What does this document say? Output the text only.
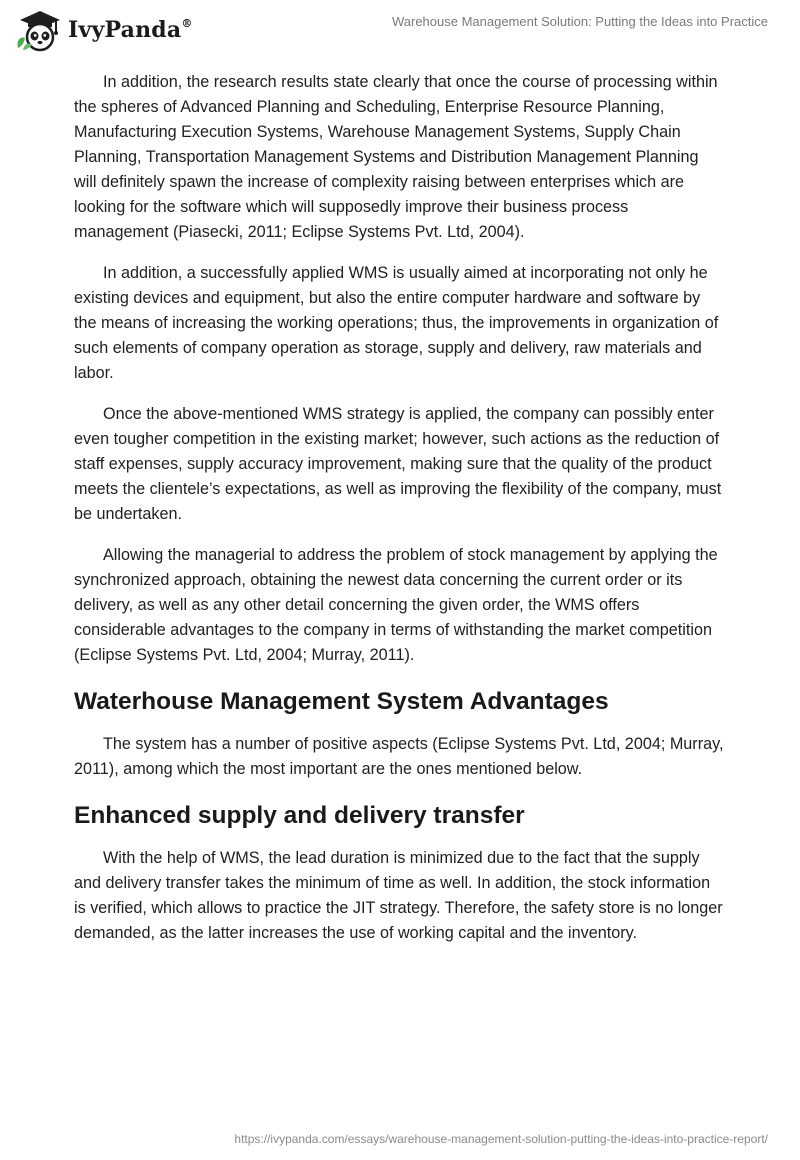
IvyPanda®	Warehouse Management Solution: Putting the Ideas into Practice

In addition, the research results state clearly that once the course of processing within the spheres of Advanced Planning and Scheduling, Enterprise Resource Planning, Manufacturing Execution Systems, Warehouse Management Systems, Supply Chain Planning, Transportation Management Systems and Distribution Management Planning will definitely spawn the increase of complexity raising between enterprises which are looking for the software which will supposedly improve their business process management (Piasecki, 2011; Eclipse Systems Pvt. Ltd, 2004).

In addition, a successfully applied WMS is usually aimed at incorporating not only he existing devices and equipment, but also the entire computer hardware and software by the means of increasing the working operations; thus, the improvements in organization of such elements of company operation as storage, supply and delivery, raw materials and labor.

Once the above-mentioned WMS strategy is applied, the company can possibly enter even tougher competition in the existing market; however, such actions as the reduction of staff expenses, supply accuracy improvement, making sure that the quality of the product meets the clientele’s expectations, as well as improving the flexibility of the company, must be undertaken.

Allowing the managerial to address the problem of stock management by applying the synchronized approach, obtaining the newest data concerning the current order or its delivery, as well as any other detail concerning the given order, the WMS offers considerable advantages to the company in terms of withstanding the market competition (Eclipse Systems Pvt. Ltd, 2004; Murray, 2011).

Waterhouse Management System Advantages

The system has a number of positive aspects (Eclipse Systems Pvt. Ltd, 2004; Murray, 2011), among which the most important are the ones mentioned below.

Enhanced supply and delivery transfer

With the help of WMS, the lead duration is minimized due to the fact that the supply and delivery transfer takes the minimum of time as well. In addition, the stock information is verified, which allows to practice the JIT strategy. Therefore, the safety store is no longer demanded, as the latter increases the use of working capital and the inventory.

https://ivypanda.com/essays/warehouse-management-solution-putting-the-ideas-into-practice-report/
